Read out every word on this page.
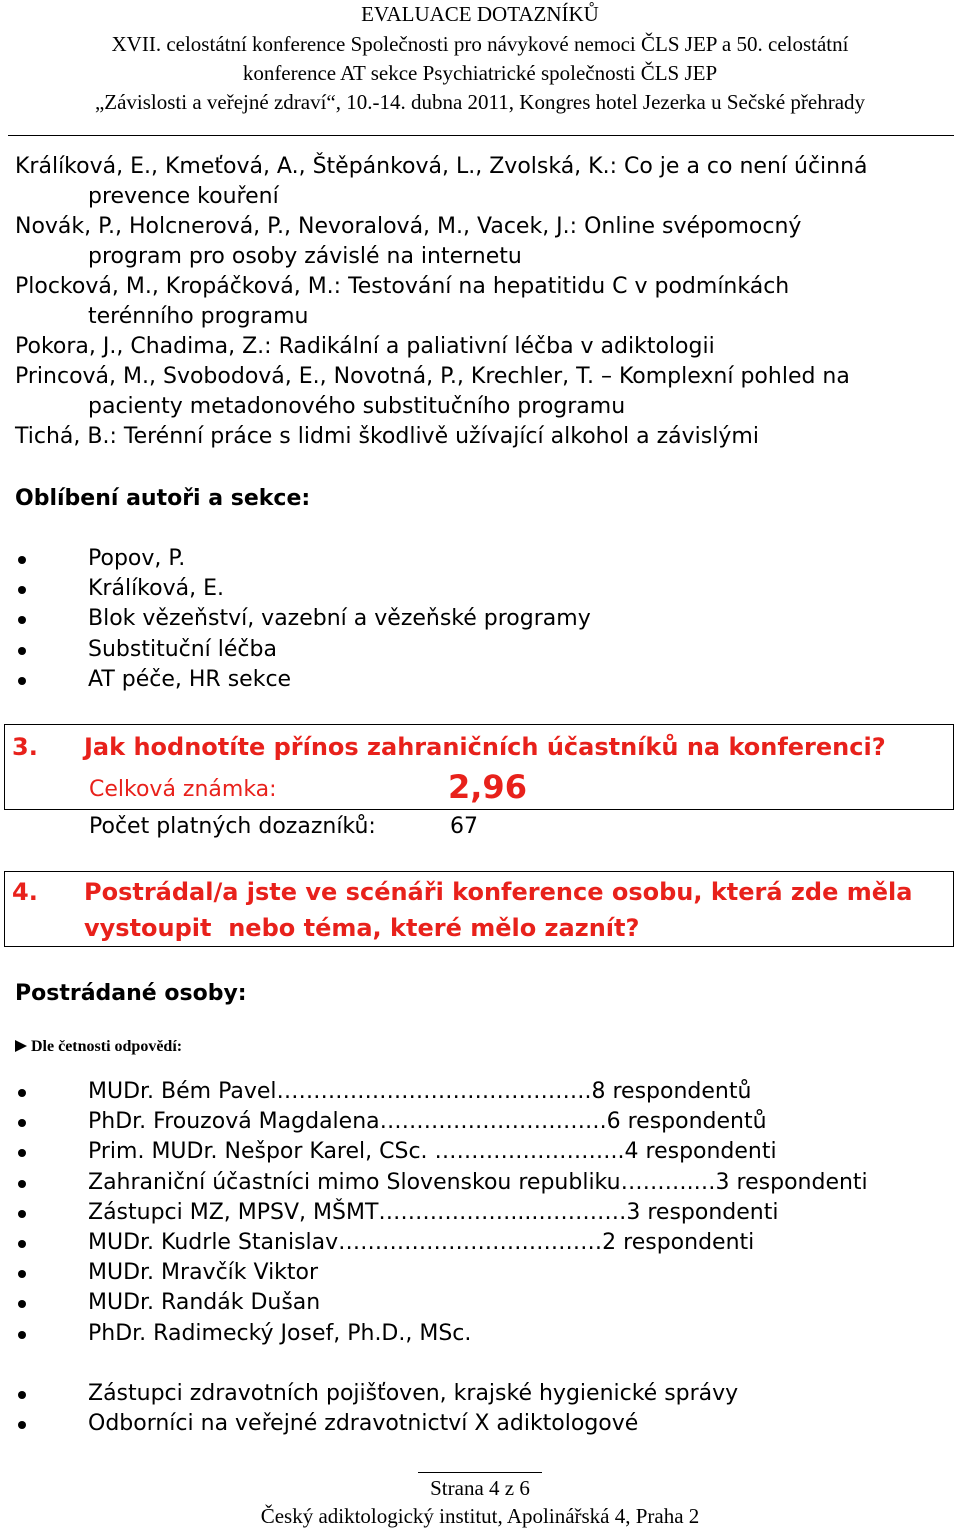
EVALUACE DOTAZNÍKŮ
XVII. celostátní konference Společnosti pro návykové nemoci ČLS JEP a 50. celostátní
konference AT sekce Psychiatrické společnosti ČLS JEP
„Závislosti a veřejné zdraví“, 10.-14. dubna 2011, Kongres hotel Jezerka u Sečské přehrady
Králíková, E., Kmeťová, A., Štěpánková, L., Zvolská, K.: Co je a co není účinná
prevence kouření
Novák, P., Holcnerová, P., Nevoralová, M., Vacek, J.: Online svépomocný
program pro osoby závislé na internetu
Plocková, M., Kropáčková, M.: Testování na hepatitidu C v podmínkách
terénního programu
Pokora, J., Chadima, Z.: Radikální a paliativní léčba v adiktologii
Princová, M., Svobodová, E., Novotná, P., Krechler, T. – Komplexní pohled na
pacienty metadonového substitučního programu
Tichá, B.: Terénní práce s lidmi škodlivě užívající alkohol a závislými
Oblíbení autoři a sekce:
Popov, P.
Králíková, E.
Blok vězeňství, vazební a vězeňské programy
Substituční léčba
AT péče, HR sekce
3. Jak hodnotíte přínos zahraničních účastníků na konferenci?
Celková známka:	2,96
Počet platných dozazníků:	67
4. Postrádal/a jste ve scénáři konference osobu, která zde měla
vystoupit  nebo téma, které mělo zaznít?
Postrádané osoby:
Dle četnosti odpovědí:
MUDr. Bém Pavel…………………………………….8 respondentů
PhDr. Frouzová Magdalena………………………….6 respondentů
Prim. MUDr. Nešpor Karel, CSc. ……………………..4 respondenti
Zahraniční účastníci mimo Slovenskou republiku……….…3 respondenti
Zástupci MZ, MPSV, MŠMT………………....…………3 respondenti
MUDr. Kudrle Stanislav………………………………2 respondenti
MUDr. Mravčík Viktor
MUDr. Randák Dušan
PhDr. Radimecký Josef, Ph.D., MSc.
Zástupci zdravotních pojišťoven, krajské hygienické správy
Odborníci na veřejné zdravotnictví X adiktologové
Strana 4 z 6
Český adiktologický institut, Apolinářská 4, Praha 2
